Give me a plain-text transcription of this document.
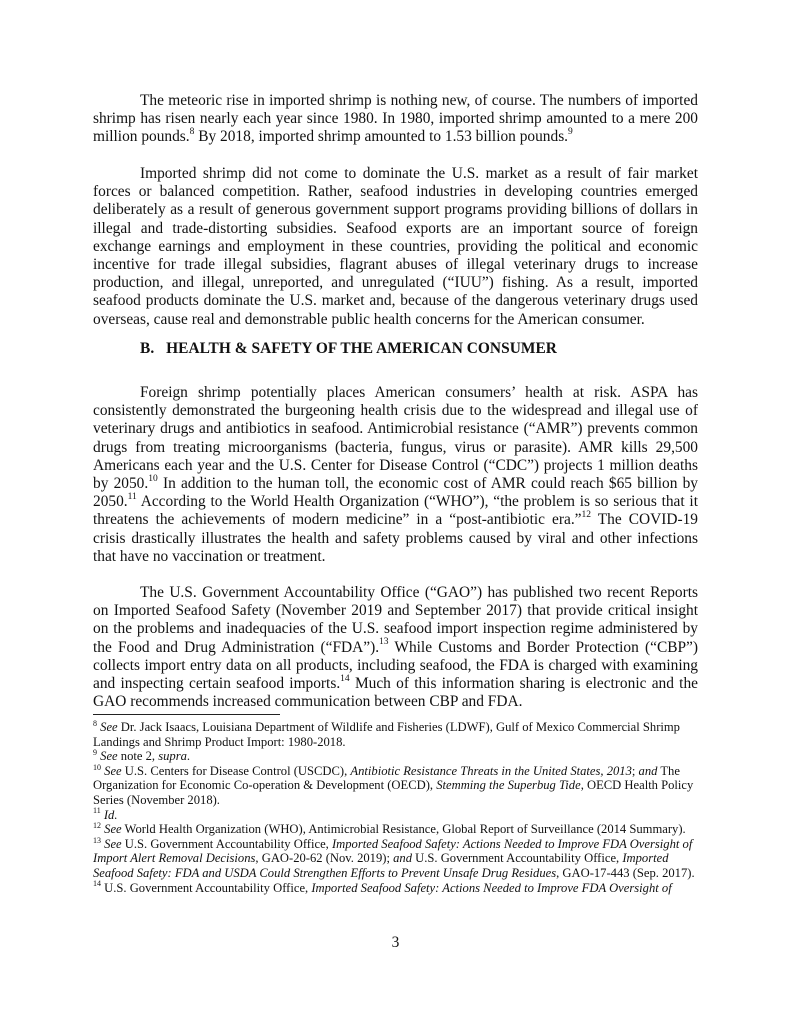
The meteoric rise in imported shrimp is nothing new, of course. The numbers of imported shrimp has risen nearly each year since 1980. In 1980, imported shrimp amounted to a mere 200 million pounds.$^8$ By 2018, imported shrimp amounted to 1.53 billion pounds.$^9$

Imported shrimp did not come to dominate the U.S. market as a result of fair market forces or balanced competition. Rather, seafood industries in developing countries emerged deliberately as a result of generous government support programs providing billions of dollars in illegal and trade-distorting subsidies. Seafood exports are an important source of foreign exchange earnings and employment in these countries, providing the political and economic incentive for trade illegal subsidies, flagrant abuses of illegal veterinary drugs to increase production, and illegal, unreported, and unregulated (“IUU”) fishing. As a result, imported seafood products dominate the U.S. market and, because of the dangerous veterinary drugs used overseas, cause real and demonstrable public health concerns for the American consumer.

B. HEALTH & SAFETY OF THE AMERICAN CONSUMER

Foreign shrimp potentially places American consumers’ health at risk. ASPA has consistently demonstrated the burgeoning health crisis due to the widespread and illegal use of veterinary drugs and antibiotics in seafood. Antimicrobial resistance (“AMR”) prevents common drugs from treating microorganisms (bacteria, fungus, virus or parasite). AMR kills 29,500 Americans each year and the U.S. Center for Disease Control (“CDC”) projects 1 million deaths by 2050.10 In addition to the human toll, the economic cost of AMR could reach $65 billion by 2050.11 According to the World Health Organization (“WHO”), “the problem is so serious that it threatens the achievements of modern medicine” in a “post-antibiotic era.”$^{12}$ The COVID-19 crisis drastically illustrates the health and safety problems caused by viral and other infections that have no vaccination or treatment.

The U.S. Government Accountability Office (“GAO”) has published two recent Reports on Imported Seafood Safety (November 2019 and September 2017) that provide critical insight on the problems and inadequacies of the U.S. seafood import inspection regime administered by the Food and Drug Administration (“FDA”).$^{13}$ While Customs and Border Protection (“CBP”) collects import entry data on all products, including seafood, the FDA is charged with examining and inspecting certain seafood imports.$^{14}$ Much of this information sharing is electronic and the GAO recommends increased communication between CBP and FDA.

$^8$ See Dr. Jack Isaacs, Louisiana Department of Wildlife and Fisheries (LDWF), Gulf of Mexico Commercial Shrimp Landings and Shrimp Product Import: 1980-2018.

$^9$ See note 2, supra.

$^{10}$ See U.S. Centers for Disease Control (USCDC), Antibiotic Resistance Threats in the United States, 2013; and The Organization for Economic Co-operation & Development (OECD), Stemming the Superbug Tide, OECD Health Policy Series (November 2018).

$^{11}$ Id.

$^{12}$ See World Health Organization (WHO), Antimicrobial Resistance, Global Report of Surveillance (2014 Summary).

$^{13}$ See U.S. Government Accountability Office, Imported Seafood Safety: Actions Needed to Improve FDA Oversight of Import Alert Removal Decisions, GAO-20-62 (Nov. 2019); and U.S. Government Accountability Office, Imported Seafood Safety: FDA and USDA Could Strengthen Efforts to Prevent Unsafe Drug Residues, GAO-17-443 (Sep. 2017).

$^{14}$ U.S. Government Accountability Office, Imported Seafood Safety: Actions Needed to Improve FDA Oversight of

3
